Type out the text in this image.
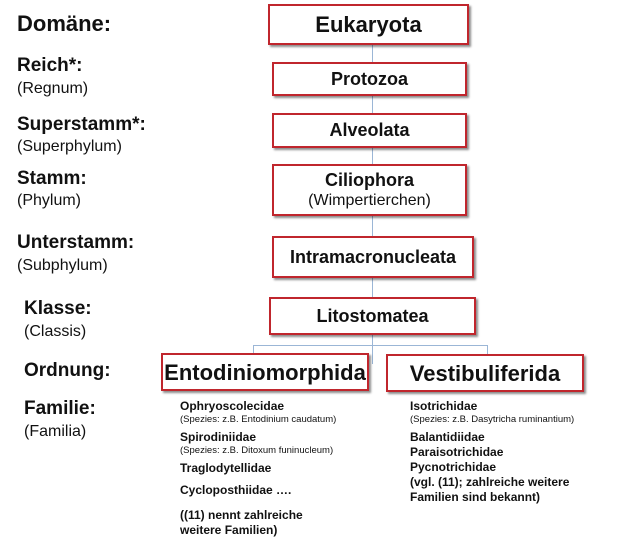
Domäne:
Reich*:
(Regnum)
Superstamm*:
(Superphylum)
Stamm:
(Phylum)
Unterstamm:
(Subphylum)
Klasse:
(Classis)
Ordnung:
Familie:
(Familia)
Eukaryota
Protozoa
Alveolata
Ciliophora
(Wimpertierchen)
Intramacronucleata
Litostomatea
Entodiniomorphida Vestibuliferida
Ophryoscolecidae
(Spezies: z.B. Entodinium caudatum)
Spirodiniidae
(Spezies: z.B. Ditoxum funinucleum)
Traglodytellidae
Cycloposthiidae ….
((11) nennt zahlreiche weitere Familien)
Isotrichidae
(Spezies: z.B. Dasytricha ruminantium)
Balantidiidae
Paraisotrichidae
Pycnotrichidae
(vgl. (11); zahlreiche weitere Familien sind bekannt)
